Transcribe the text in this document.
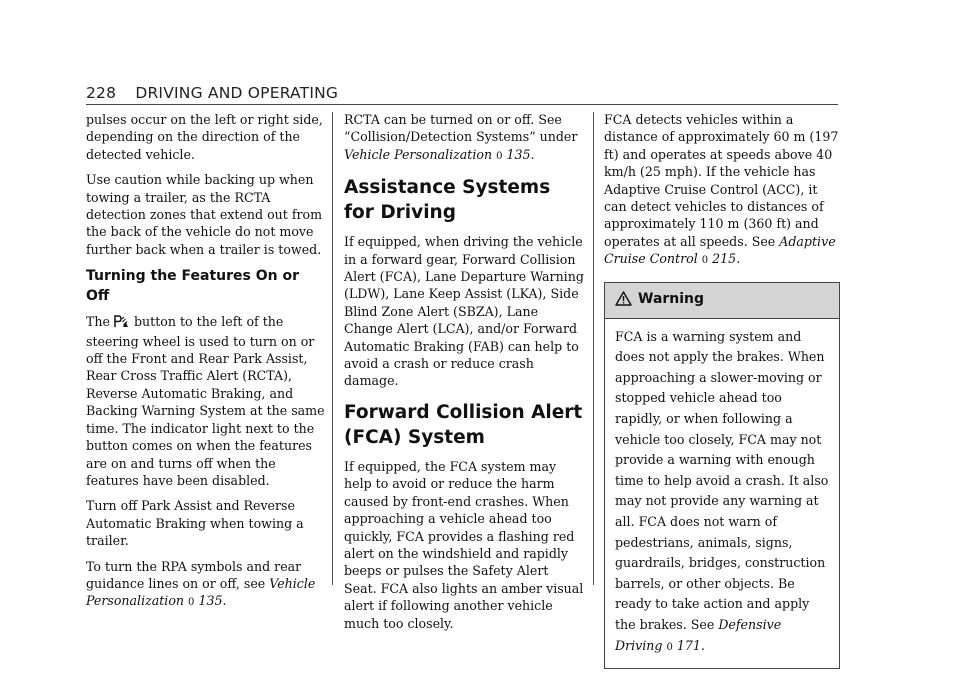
228 DRIVING AND OPERATING

pulses occur on the left or right side, depending on the direction of the detected vehicle.

Use caution while backing up when towing a trailer, as the RCTA detection zones that extend out from the back of the vehicle do not move further back when a trailer is towed.

Turning the Features On or Off

The button to the left of the steering wheel is used to turn on or off the Front and Rear Park Assist, Rear Cross Traffic Alert (RCTA), Reverse Automatic Braking, and Backing Warning System at the same time. The indicator light next to the button comes on when the features are on and turns off when the features have been disabled.

Turn off Park Assist and Reverse Automatic Braking when towing a trailer.

To turn the RPA symbols and rear guidance lines on or off, see Vehicle Personalization 0 135.

RCTA can be turned on or off. See “Collision/Detection Systems” under Vehicle Personalization 0 135.

Assistance Systems for Driving

If equipped, when driving the vehicle in a forward gear, Forward Collision Alert (FCA), Lane Departure Warning (LDW), Lane Keep Assist (LKA), Side Blind Zone Alert (SBZA), Lane Change Alert (LCA), and/or Forward Automatic Braking (FAB) can help to avoid a crash or reduce crash damage.

Forward Collision Alert (FCA) System

If equipped, the FCA system may help to avoid or reduce the harm caused by front-end crashes. When approaching a vehicle ahead too quickly, FCA provides a flashing red alert on the windshield and rapidly beeps or pulses the Safety Alert Seat. FCA also lights an amber visual alert if following another vehicle much too closely.

FCA detects vehicles within a distance of approximately 60 m (197 ft) and operates at speeds above 40 km/h (25 mph). If the vehicle has Adaptive Cruise Control (ACC), it can detect vehicles to distances of approximately 110 m (360 ft) and operates at all speeds. See Adaptive Cruise Control 0 215.

Warning
FCA is a warning system and does not apply the brakes. When approaching a slower-moving or stopped vehicle ahead too rapidly, or when following a vehicle too closely, FCA may not provide a warning with enough time to help avoid a crash. It also may not provide any warning at all. FCA does not warn of pedestrians, animals, signs, guardrails, bridges, construction barrels, or other objects. Be ready to take action and apply the brakes. See Defensive Driving 0 171.
